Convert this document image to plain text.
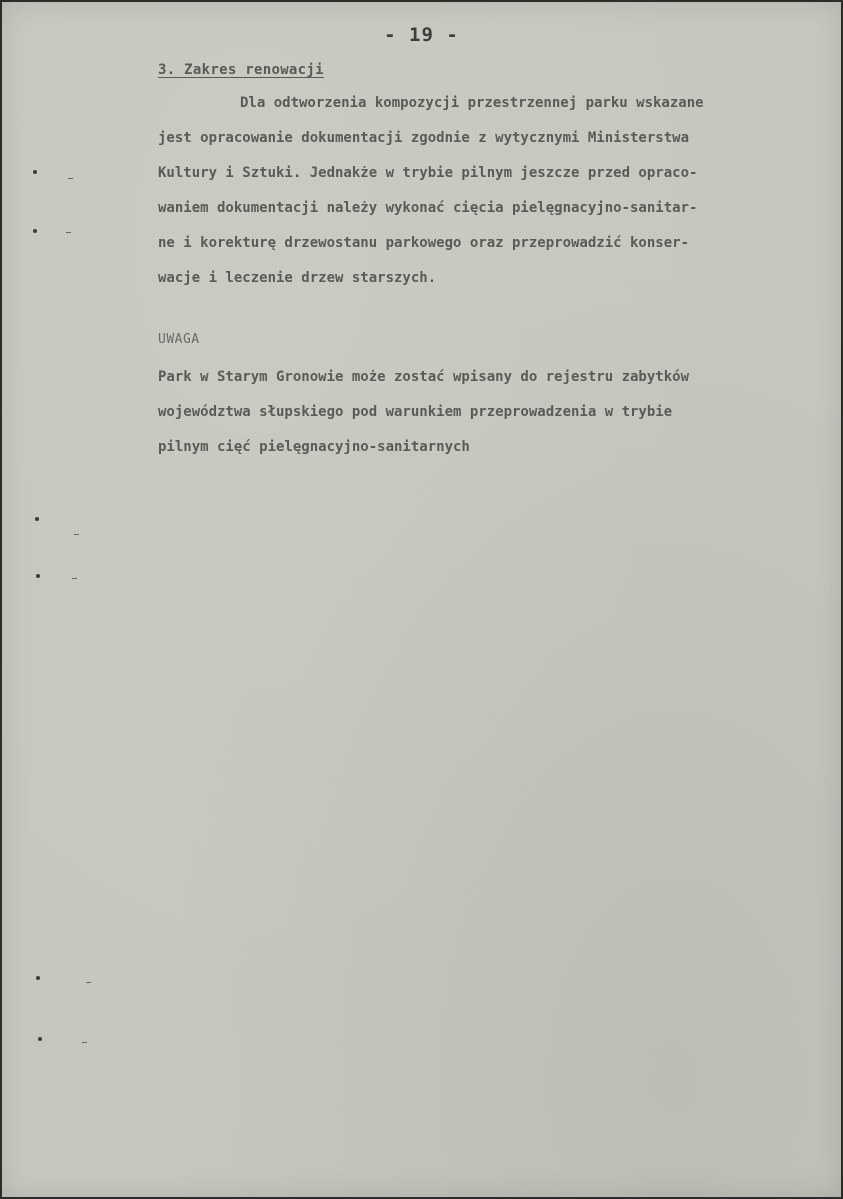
- 19 -
3. Zakres renowacji

Dla odtworzenia kompozycji przestrzennej parku wskazane
jest opracowanie dokumentacji zgodnie z wytycznymi Ministerstwa
Kultury i Sztuki. Jednakże w trybie pilnym jeszcze przed opraco-
waniem dokumentacji należy wykonać cięcia pielęgnacyjno-sanitar-
ne i korekturę drzewostanu parkowego oraz przeprowadzić konser-
wacje i leczenie drzew starszych.

UWAGA

Park w Starym Gronowie może zostać wpisany do rejestru zabytków
województwa słupskiego pod warunkiem przeprowadzenia w trybie
pilnym cięć pielęgnacyjno-sanitarnych
